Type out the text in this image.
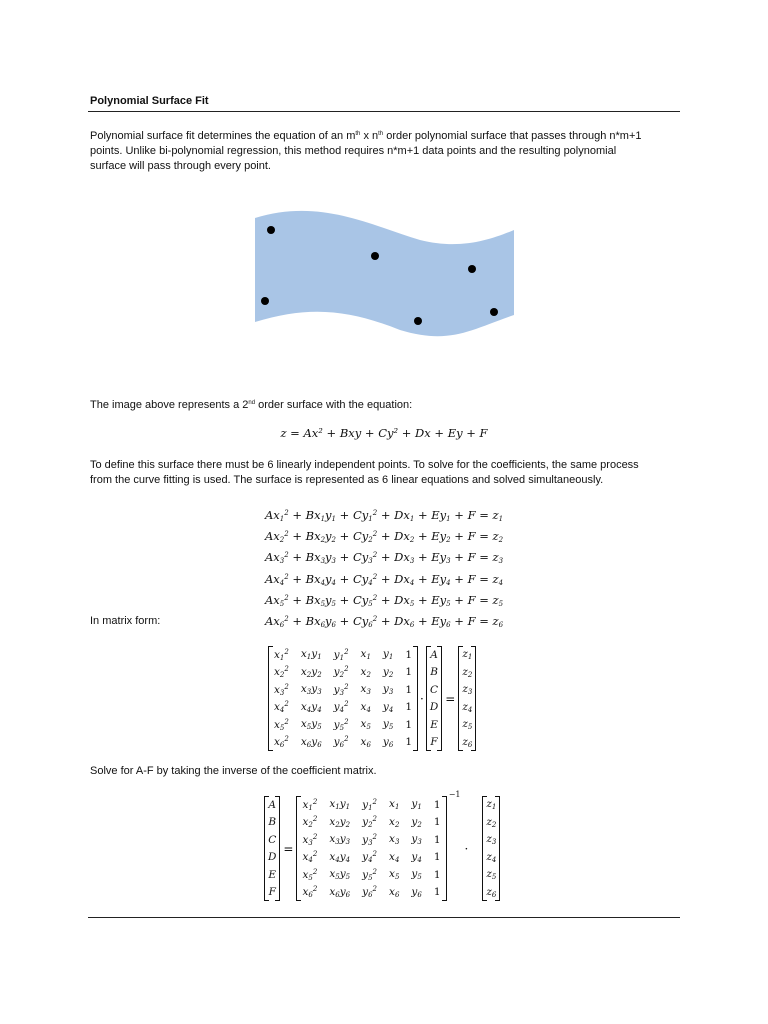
Polynomial Surface Fit
Polynomial surface fit determines the equation of an $m^{th}$ x $n^{th}$ order polynomial surface that passes through n*m+1
points. Unlike bi-polynomial regression, this method requires n*m+1 data points and the resulting polynomial
surface will pass through every point.
The image above represents a 2nd order surface with the equation:
z = Ax² + Bxy + Cy² + Dx + Ey + F
To define this surface there must be 6 linearly independent points. To solve for the coefficients, the same process
from the curve fitting is used. The surface is represented as 6 linear equations and solved simultaneously.
$Ax_1^2 + Bx_1y_1 + Cy_1^2 + Dx_1 + Ey_1 + F = z_1$
$Ax_2^2 + Bx_2y_2 + Cy_2^2 + Dx_2 + Ey_2 + F = z_2$
$Ax_3^2 + Bx_3y_3 + Cy_3^2 + Dx_3 + Ey_3 + F = z_3$
$Ax_4^2 + Bx_4y_4 + Cy_4^2 + Dx_4 + Ey_4 + F = z_4$
$Ax_5^2 + Bx_5y_5 + Cy_5^2 + Dx_5 + Ey_5 + F = z_5$
$Ax_6^2 + Bx_6y_6 + Cy_6^2 + Dx_6 + Ey_6 + F = z_6$
In matrix form:
$x_1^2$	$x_1y_1$	$y_1^2$	$x_1$	$y_1$	1
$x_2^2$	$x_2y_2$	$y_2^2$	$x_2$	$y_2$	1
$x_3^2$	$x_3y_3$	$y_3^2$	$x_3$	$y_3$	1
$x_4^2$	$x_4y_4$	$y_4^2$	$x_4$	$y_4$	1
$x_5^2$	$x_5y_5$	$y_5^2$	$x_5$	$y_5$	1
$x_6^2$	$x_6y_6$	$y_6^2$	$x_6$	$y_6$	1
·
A
B
C
D
E
F
=
$z_1$
$z_2$
$z_3$
$z_4$
$z_5$
$z_6$
Solve for A-F by taking the inverse of the coefficient matrix.
A
B
C
D
E
F
=
−1
$x_1^2$	$x_1y_1$	$y_1^2$	$x_1$	$y_1$	1
$x_2^2$	$x_2y_2$	$y_2^2$	$x_2$	$y_2$	1
$x_3^2$	$x_3y_3$	$y_3^2$	$x_3$	$y_3$	1
$x_4^2$	$x_4y_4$	$y_4^2$	$x_4$	$y_4$	1
$x_5^2$	$x_5y_5$	$y_5^2$	$x_5$	$y_5$	1
$x_6^2$	$x_6y_6$	$y_6^2$	$x_6$	$y_6$	1
·
$z_1$
$z_2$
$z_3$
$z_4$
$z_5$
$z_6$
